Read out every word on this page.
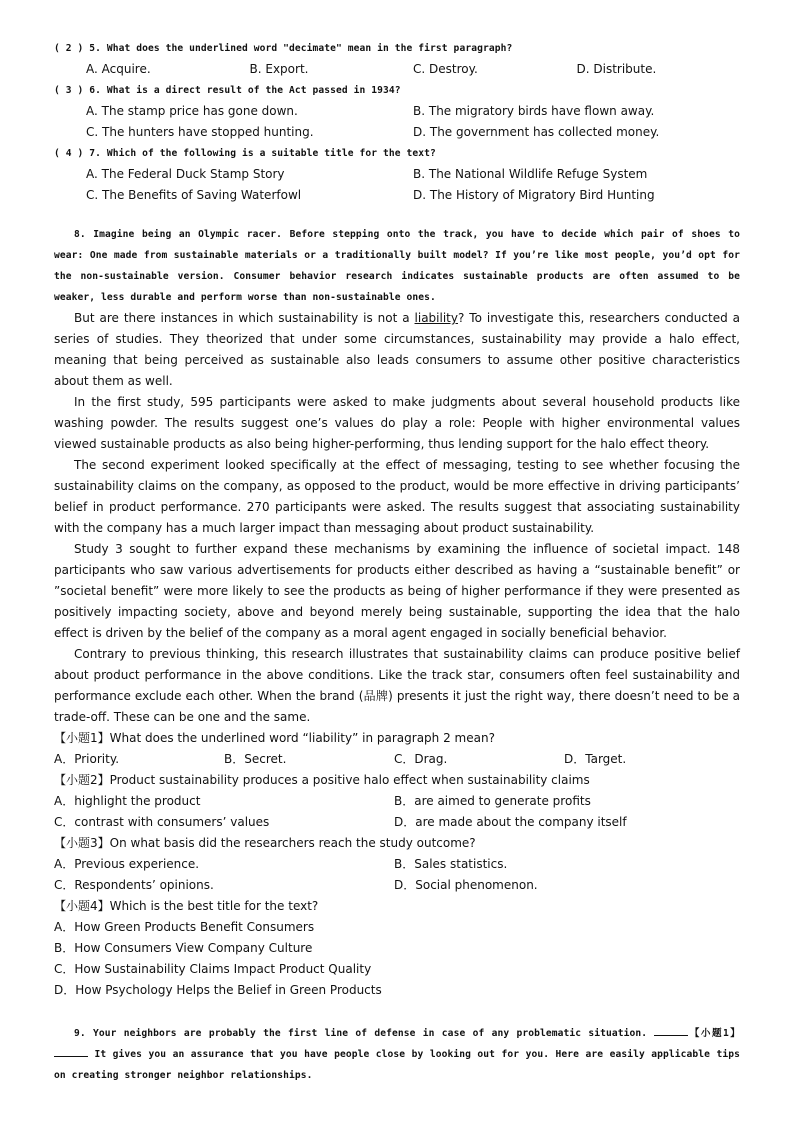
( 2 ) 5. What does the underlined word "decimate" mean in the first paragraph?
A. Acquire.	B. Export.	C. Destroy.	D. Distribute.
( 3 ) 6. What is a direct result of the Act passed in 1934?
A. The stamp price has gone down.	B. The migratory birds have flown away.
C. The hunters have stopped hunting.	D. The government has collected money.
( 4 ) 7. Which of the following is a suitable title for the text?
A. The Federal Duck Stamp Story	B. The National Wildlife Refuge System
C. The Benefits of Saving Waterfowl	D. The History of Migratory Bird Hunting
8. Imagine being an Olympic racer. Before stepping onto the track, you have to decide which pair of shoes to wear: One made from sustainable materials or a traditionally built model? If you’re like most people, you’d opt for the non-sustainable version. Consumer behavior research indicates sustainable products are often assumed to be weaker, less durable and perform worse than non-sustainable ones.
But are there instances in which sustainability is not a liability? To investigate this, researchers conducted a series of studies. They theorized that under some circumstances, sustainability may provide a halo effect, meaning that being perceived as sustainable also leads consumers to assume other positive characteristics about them as well.
In the first study, 595 participants were asked to make judgments about several household products like washing powder. The results suggest one’s values do play a role: People with higher environmental values viewed sustainable products as also being higher-performing, thus lending support for the halo effect theory.
The second experiment looked specifically at the effect of messaging, testing to see whether focusing the sustainability claims on the company, as opposed to the product, would be more effective in driving participants’ belief in product performance. 270 participants were asked. The results suggest that associating sustainability with the company has a much larger impact than messaging about product sustainability.
Study 3 sought to further expand these mechanisms by examining the influence of societal impact. 148 participants who saw various advertisements for products either described as having a “sustainable benefit” or ”societal benefit” were more likely to see the products as being of higher performance if they were presented as positively impacting society, above and beyond merely being sustainable, supporting the idea that the halo effect is driven by the belief of the company as a moral agent engaged in socially beneficial behavior.
Contrary to previous thinking, this research illustrates that sustainability claims can produce positive belief about product performance in the above conditions. Like the track star, consumers often feel sustainability and performance exclude each other. When the brand (品牌) presents it just the right way, there doesn’t need to be a trade-off. These can be one and the same.
【小题1】What does the underlined word “liability” in paragraph 2 mean?
A．Priority.	B．Secret.	C．Drag.	D．Target.
【小题2】Product sustainability produces a positive halo effect when sustainability claims
A．highlight the product	B．are aimed to generate profits
C．contrast with consumers’ values	D．are made about the company itself
【小题3】On what basis did the researchers reach the study outcome?
A．Previous experience.	B．Sales statistics.
C．Respondents’ opinions.	D．Social phenomenon.
【小题4】Which is the best title for the text?
A．How Green Products Benefit Consumers
B．How Consumers View Company Culture
C．How Sustainability Claims Impact Product Quality
D．How Psychology Helps the Belief in Green Products
9. Your neighbors are probably the first line of defense in case of any problematic situation.	【小题1】 It gives you an assurance that you have people close by looking out for you. Here are easily applicable tips on creating stronger neighbor relationships.
